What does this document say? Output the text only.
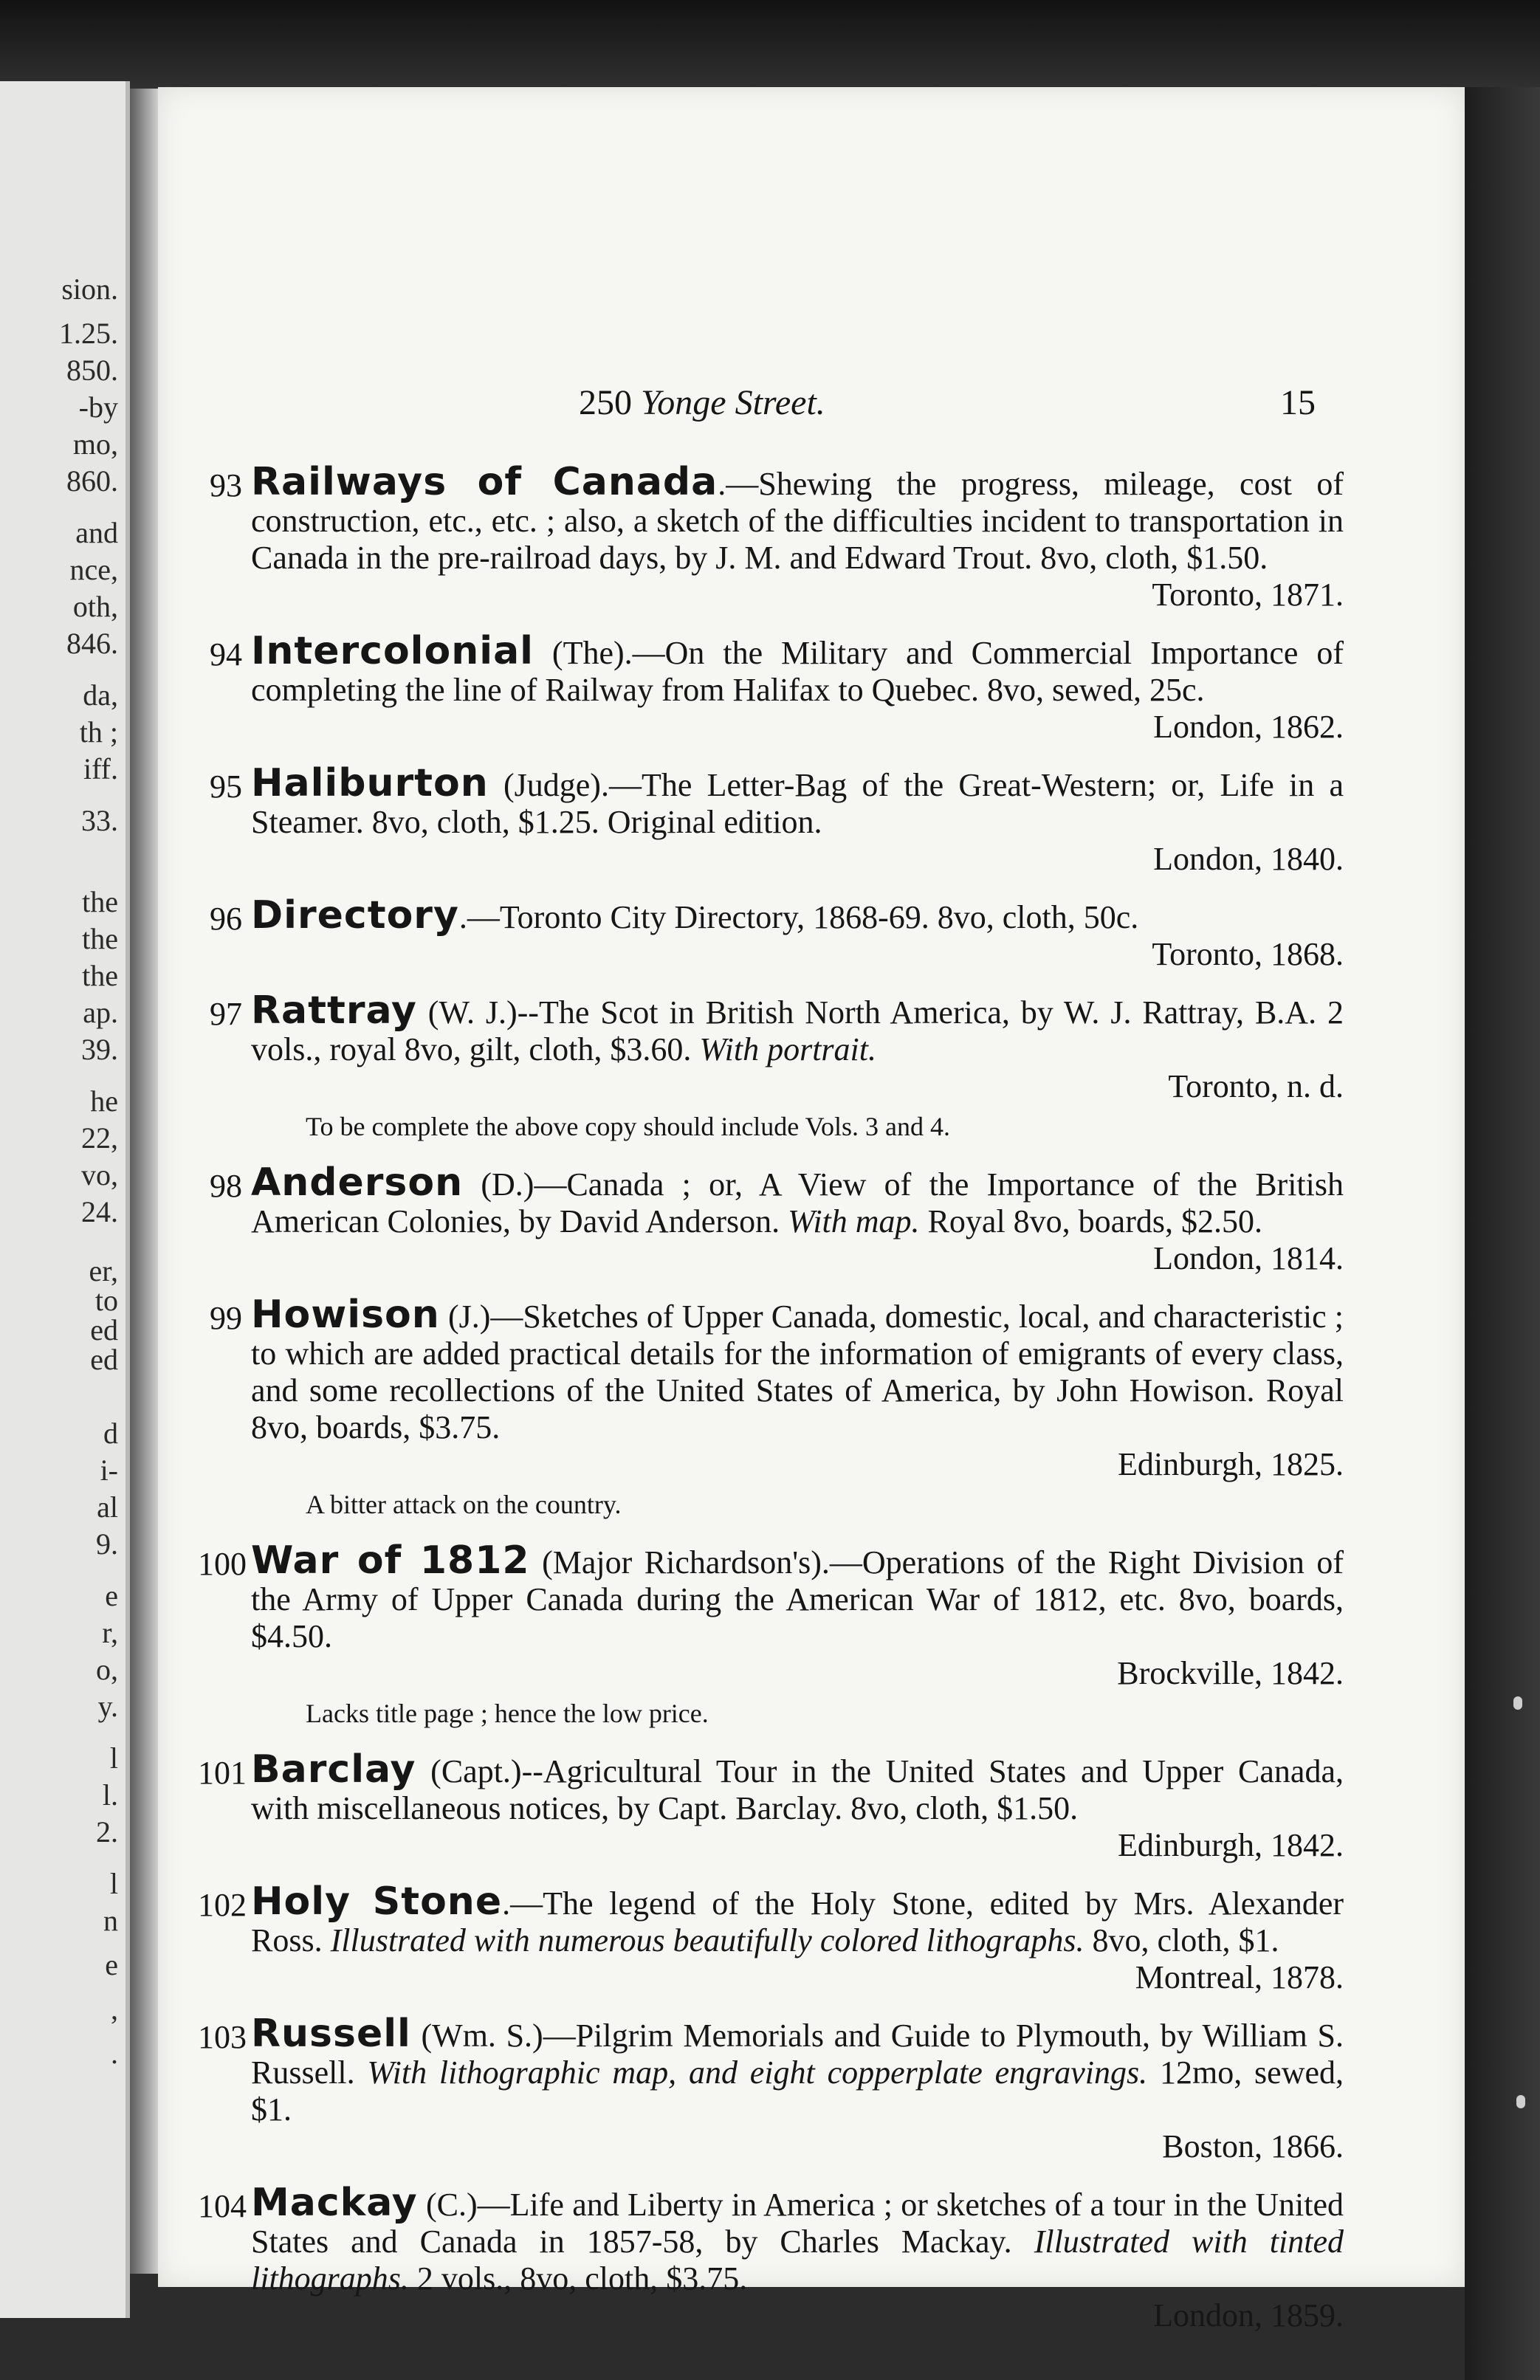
sion.
1.25.
850.
-by
mo,
860.
and
nce,
oth,
846.
da,
th ;
iff.
33.
the
the
the
ap.
39.
he
22,
vo,
24.
er,
to
ed
ed
d
i-
al
9.
e
r,
o,
y.
l
l.
2.
l
n
e
,
.
250 Yonge Street.	15
93 Railways of Canada.—Shewing the progress, mileage, cost of construction, etc., etc. ; also, a sketch of the difficulties incident to transportation in Canada in the pre-railroad days, by J. M. and Edward Trout. 8vo, cloth, $1.50.
Toronto, 1871.
94 Intercolonial (The).—On the Military and Commercial Importance of completing the line of Railway from Halifax to Quebec. 8vo, sewed, 25c.
London, 1862.
95 Haliburton (Judge).—The Letter-Bag of the Great-Western; or, Life in a Steamer. 8vo, cloth, $1.25. Original edition.
London, 1840.
96 Directory.—Toronto City Directory, 1868-69. 8vo, cloth, 50c.
Toronto, 1868.
97 Rattray (W. J.)--The Scot in British North America, by W. J. Rattray, B.A. 2 vols., royal 8vo, gilt, cloth, $3.60. With portrait.
Toronto, n. d.
To be complete the above copy should include Vols. 3 and 4.
98 Anderson (D.)—Canada ; or, A View of the Importance of the British American Colonies, by David Anderson. With map. Royal 8vo, boards, $2.50.
London, 1814.
99 Howison (J.)—Sketches of Upper Canada, domestic, local, and characteristic ; to which are added practical details for the information of emigrants of every class, and some recollections of the United States of America, by John Howison. Royal 8vo, boards, $3.75.
Edinburgh, 1825.
A bitter attack on the country.
100 War of 1812 (Major Richardson's).—Operations of the Right Division of the Army of Upper Canada during the American War of 1812, etc. 8vo, boards, $4.50.
Brockville, 1842.
Lacks title page ; hence the low price.
101 Barclay (Capt.)--Agricultural Tour in the United States and Upper Canada, with miscellaneous notices, by Capt. Barclay. 8vo, cloth, $1.50.
Edinburgh, 1842.
102 Holy Stone.—The legend of the Holy Stone, edited by Mrs. Alexander Ross. Illustrated with numerous beautifully colored lithographs. 8vo, cloth, $1.
Montreal, 1878.
103 Russell (Wm. S.)—Pilgrim Memorials and Guide to Plymouth, by William S. Russell. With lithographic map, and eight copperplate engravings. 12mo, sewed, $1.
Boston, 1866.
104 Mackay (C.)—Life and Liberty in America ; or sketches of a tour in the United States and Canada in 1857-58, by Charles Mackay. Illustrated with tinted lithographs. 2 vols., 8vo, cloth, $3.75.
London, 1859.
